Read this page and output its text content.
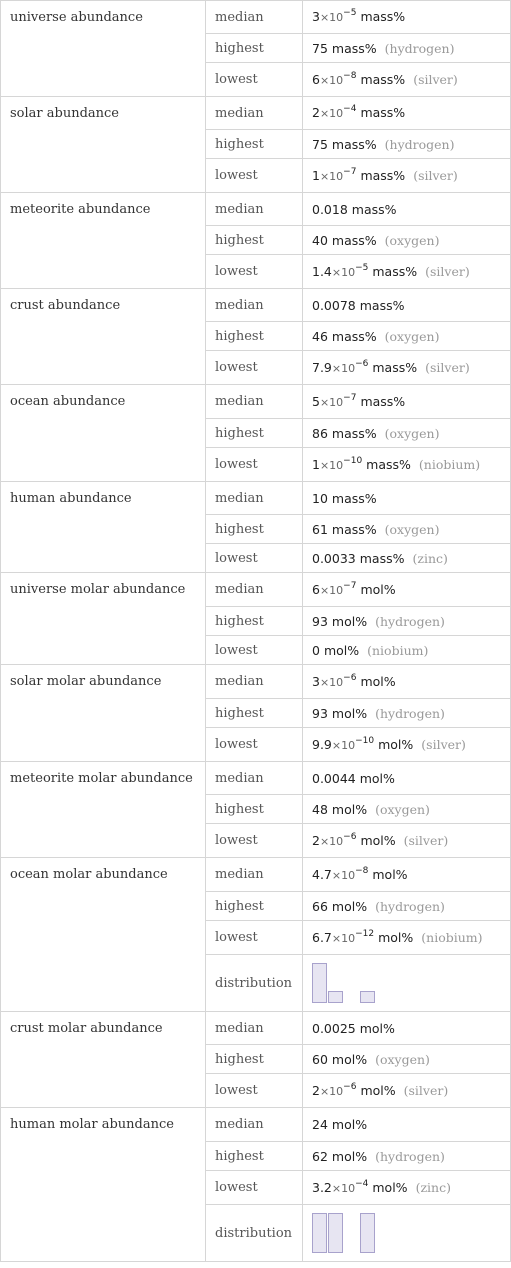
universe abundance	median	$3\times 10^{-5}$ mass%
	highest	75 mass% (hydrogen)
	lowest	$6\times 10^{-8}$ mass% (silver)
solar abundance	median	$2\times 10^{-4}$ mass%
	highest	75 mass% (hydrogen)
	lowest	$1\times 10^{-7}$ mass% (silver)
meteorite abundance	median	0.018 mass%
	highest	40 mass% (oxygen)
	lowest	$1.4\times 10^{-5}$ mass% (silver)
crust abundance	median	0.0078 mass%
	highest	46 mass% (oxygen)
	lowest	$7.9\times 10^{-6}$ mass% (silver)
ocean abundance	median	$5\times 10^{-7}$ mass%
	highest	86 mass% (oxygen)
	lowest	$1\times 10^{-10}$ mass% (niobium)
human abundance	median	10 mass%
	highest	61 mass% (oxygen)
	lowest	0.0033 mass% (zinc)
universe molar abundance	median	$6\times 10^{-7}$ mol%
	highest	93 mol% (hydrogen)
	lowest	0 mol% (niobium)
solar molar abundance	median	$3\times 10^{-6}$ mol%
	highest	93 mol% (hydrogen)
	lowest	$9.9\times 10^{-10}$ mol% (silver)
meteorite molar abundance	median	0.0044 mol%
	highest	48 mol% (oxygen)
	lowest	$2\times 10^{-6}$ mol% (silver)
ocean molar abundance	median	$4.7\times 10^{-8}$ mol%
	highest	66 mol% (hydrogen)
	lowest	$6.7\times 10^{-12}$ mol% (niobium)
	distribution	

crust molar abundance	median	0.0025 mol%
	highest	60 mol% (oxygen)
	lowest	$2\times 10^{-6}$ mol% (silver)
human molar abundance	median	24 mol%
	highest	62 mol% (hydrogen)
	lowest	$3.2\times 10^{-4}$ mol% (zinc)
	distribution	
